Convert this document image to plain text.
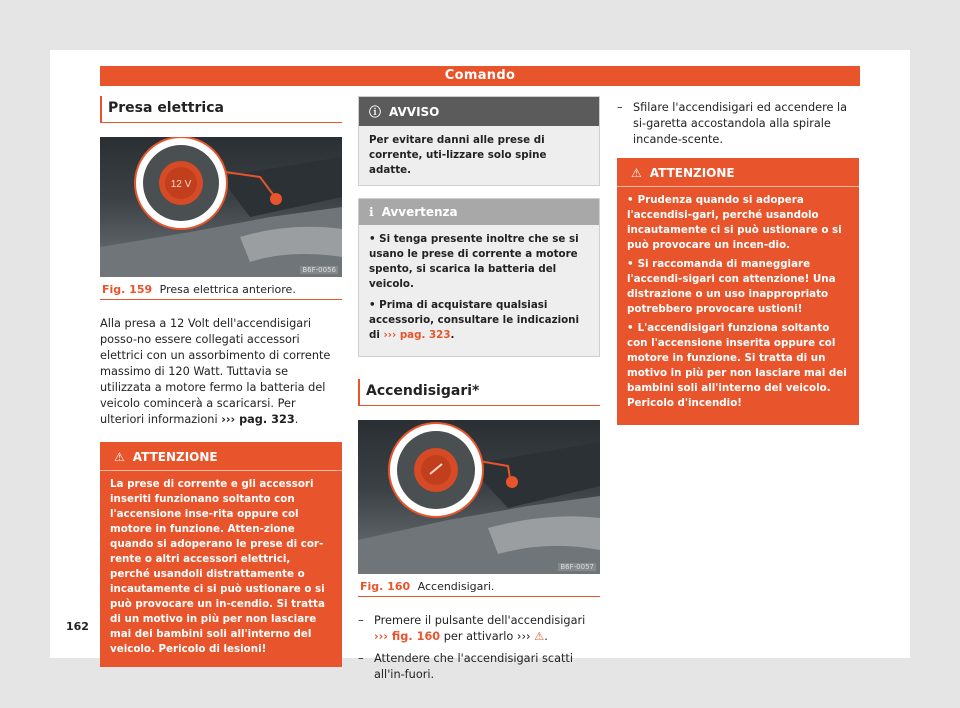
Comando
Presa elettrica
12 V
B6F-0056
Fig. 159 Presa elettrica anteriore.

Alla presa a 12 Volt dell'accendisigari posso-no essere collegati accessori elettrici con un assorbimento di corrente massimo di 120 Watt. Tuttavia se utilizzata a motore fermo la batteria del veicolo comincerà a scaricarsi. Per ulteriori informazioni ››› pag. 323.

⚠ ATTENZIONE
La prese di corrente e gli accessori inseriti funzionano soltanto con l'accensione inse-rita oppure col motore in funzione. Atten-zione quando si adoperano le prese di cor-rente o altri accessori elettrici, perché usandoli distrattamente o incautamente ci si può ustionare o si può provocare un in-cendio. Si tratta di un motivo in più per non lasciare mai dei bambini soli all'interno del veicolo. Pericolo di lesioni!
ⓘ AVVISO
Per evitare danni alle prese di corrente, uti-lizzare solo spine adatte.
ℹ Avvertenza

• Si tenga presente inoltre che se si usano le prese di corrente a motore spento, si scarica la batteria del veicolo.

• Prima di acquistare qualsiasi accessorio, consultare le indicazioni di ››› pag. 323.

Accendisigari*
B6F-0057
Fig. 160 Accendisigari.
– Premere il pulsante dell'accendisigari ››› fig. 160 per attivarlo ››› ⚠.
– Attendere che l'accendisigari scatti all'in-fuori.
– Sfilare l'accendisigari ed accendere la si-garetta accostandola alla spirale incande-scente.
⚠ ATTENZIONE

• Prudenza quando si adopera l'accendisi-gari, perché usandolo incautamente ci si può ustionare o si può provocare un incen-dio.

• Si raccomanda di maneggiare l'accendi-sigari con attenzione! Una distrazione o un uso inappropriato potrebbero provocare ustioni!

• L'accendisigari funziona soltanto con l'accensione inserita oppure col motore in funzione. Si tratta di un motivo in più per non lasciare mai dei bambini soli all'interno del veicolo. Pericolo d'incendio!

162
